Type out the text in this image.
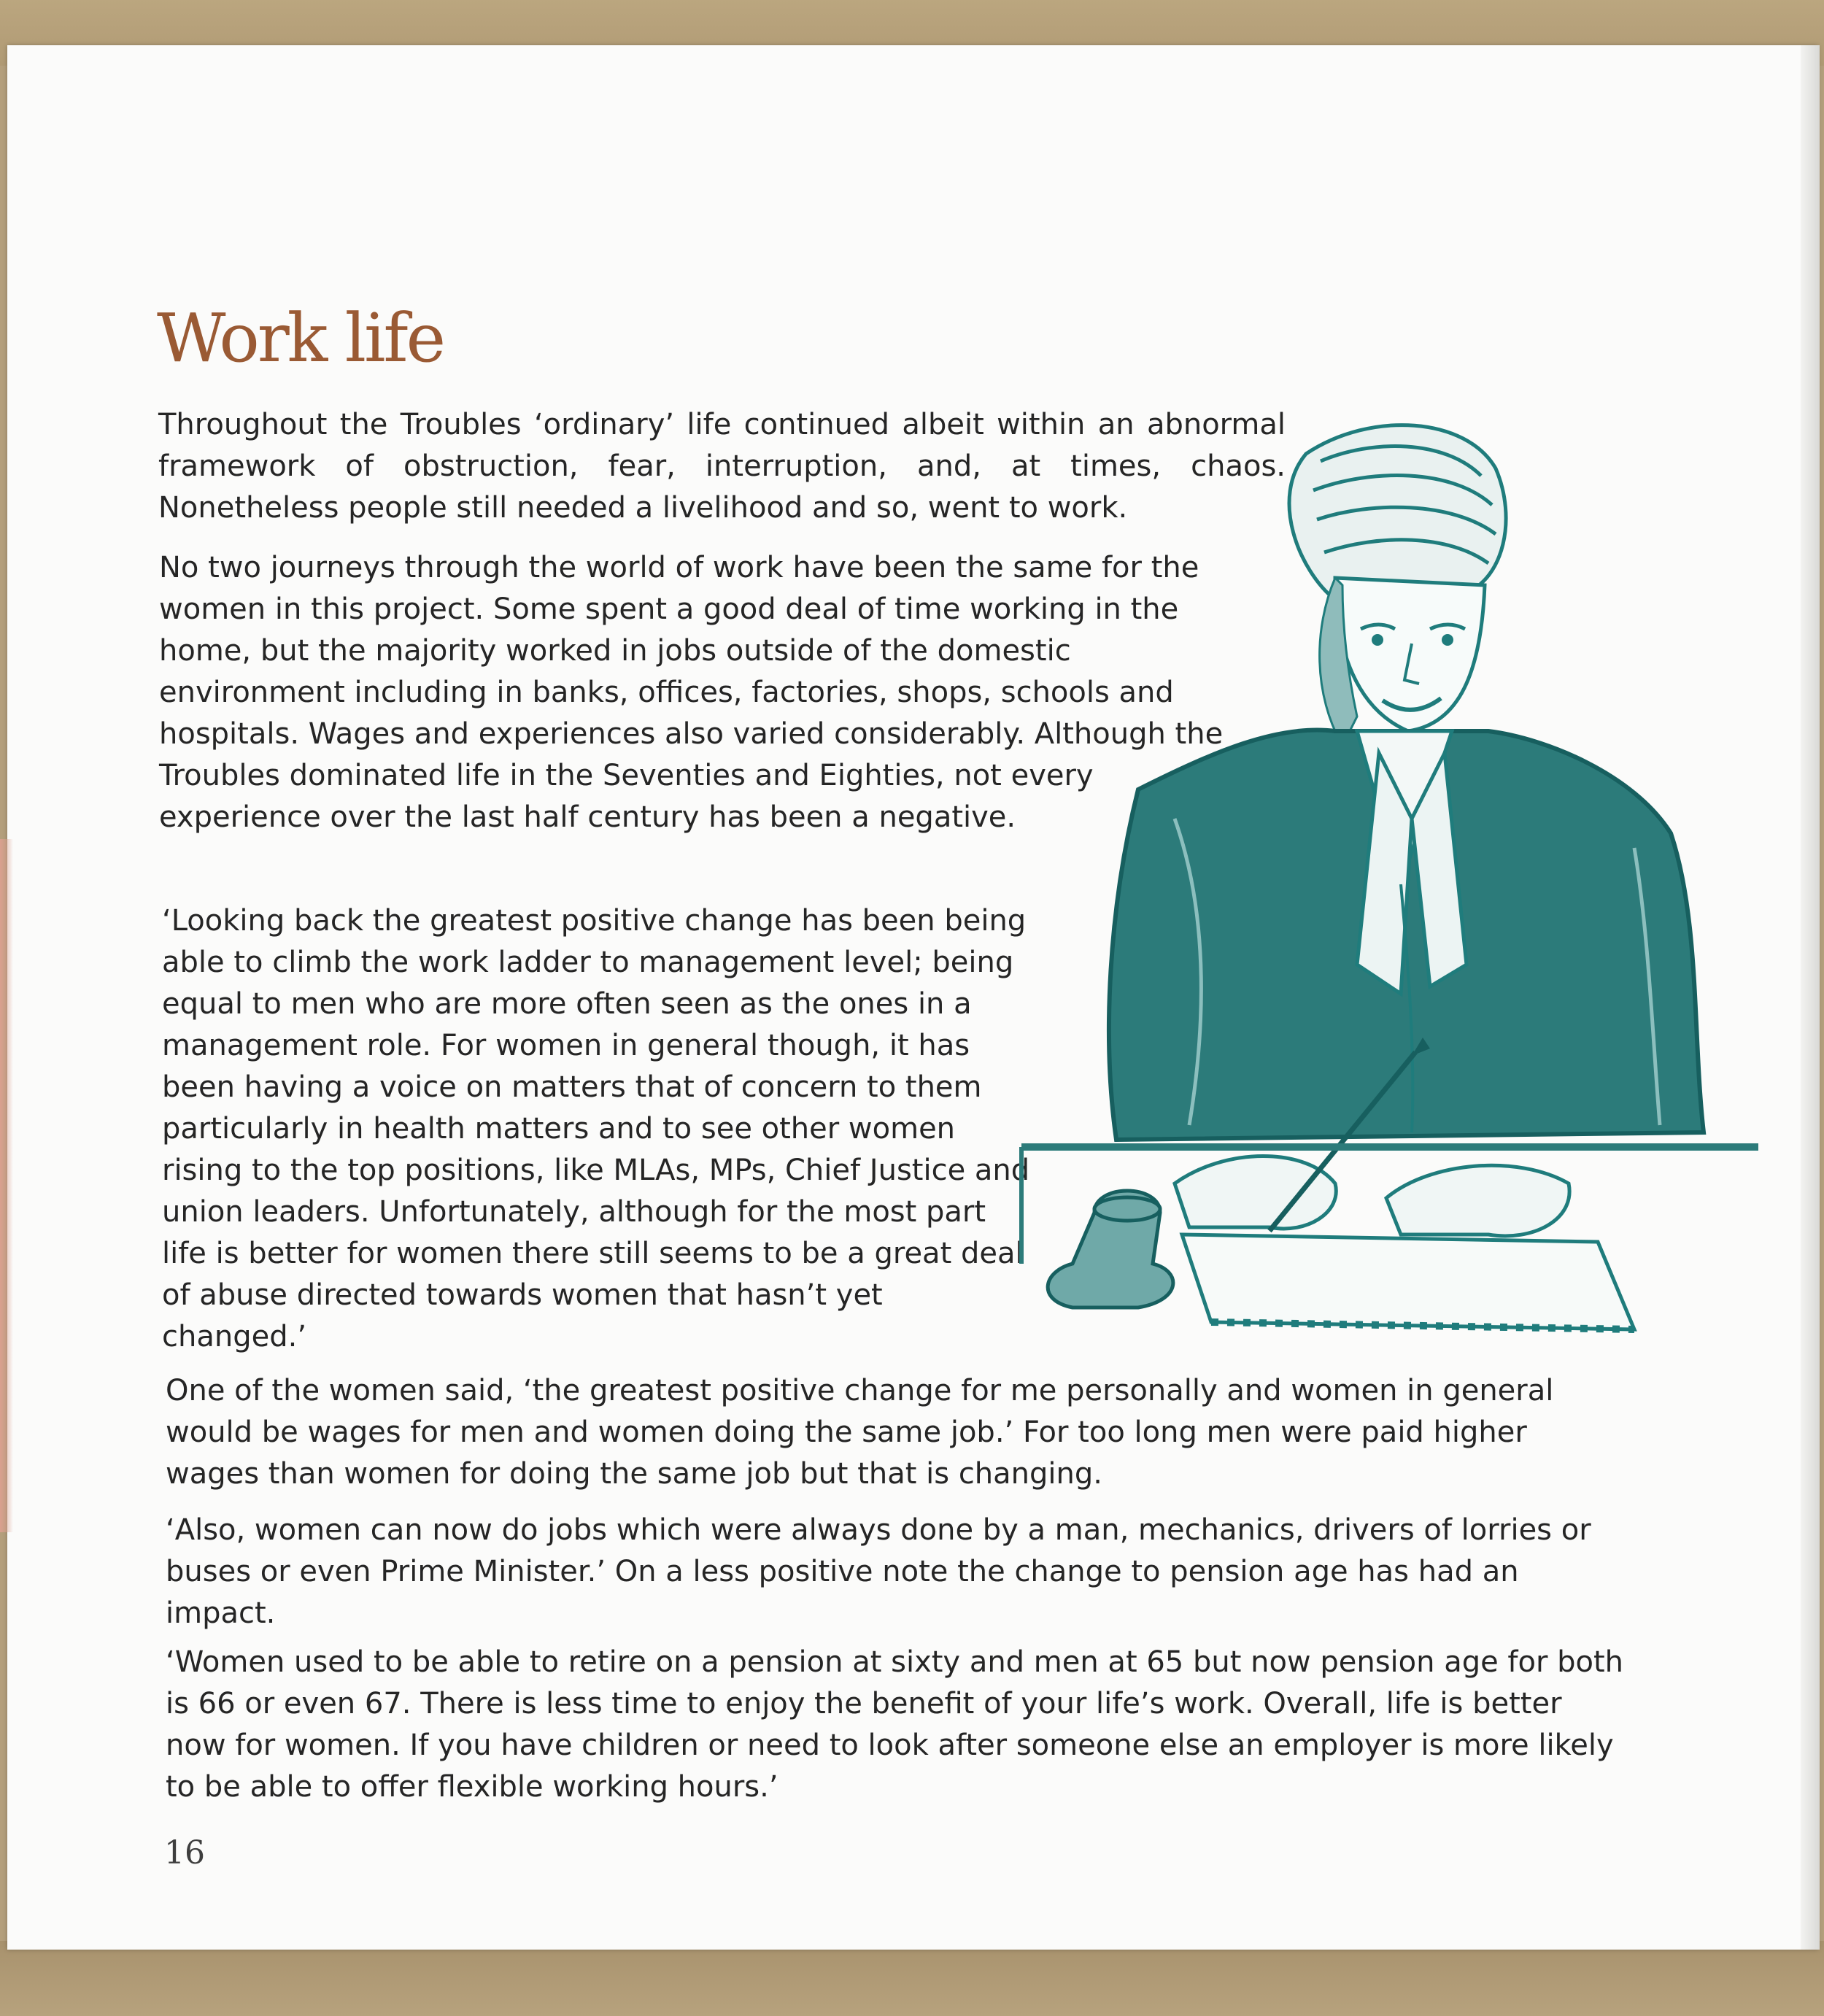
Work life

Throughout the Troubles ‘ordinary’ life continued albeit within an abnormal framework of obstruction, fear, interruption, and, at times, chaos. Nonetheless people still needed a livelihood and so, went to work.

No two journeys through the world of work have been the same for the women in this project. Some spent a good deal of time working in the home, but the majority worked in jobs outside of the domestic environment including in banks, offices, factories, shops, schools and hospitals. Wages and experiences also varied considerably. Although the Troubles dominated life in the Seventies and Eighties, not every experience over the last half century has been a negative.

‘Looking back the greatest positive change has been being able to climb the work ladder to management level; being equal to men who are more often seen as the ones in a management role. For women in general though, it has been having a voice on matters that of concern to them particularly in health matters and to see other women rising to the top positions, like MLAs, MPs, Chief Justice and union leaders. Unfortunately, although for the most part life is better for women there still seems to be a great deal of abuse directed towards women that hasn’t yet changed.’

One of the women said, ‘the greatest positive change for me personally and women in general would be wages for men and women doing the same job.’ For too long men were paid higher wages than women for doing the same job but that is changing.

‘Also, women can now do jobs which were always done by a man, mechanics, drivers of lorries or buses or even Prime Minister.’ On a less positive note the change to pension age has had an impact.

‘Women used to be able to retire on a pension at sixty and men at 65 but now pension age for both is 66 or even 67. There is less time to enjoy the benefit of your life’s work. Overall, life is better now for women. If you have children or need to look after someone else an employer is more likely to be able to offer flexible working hours.’

16
